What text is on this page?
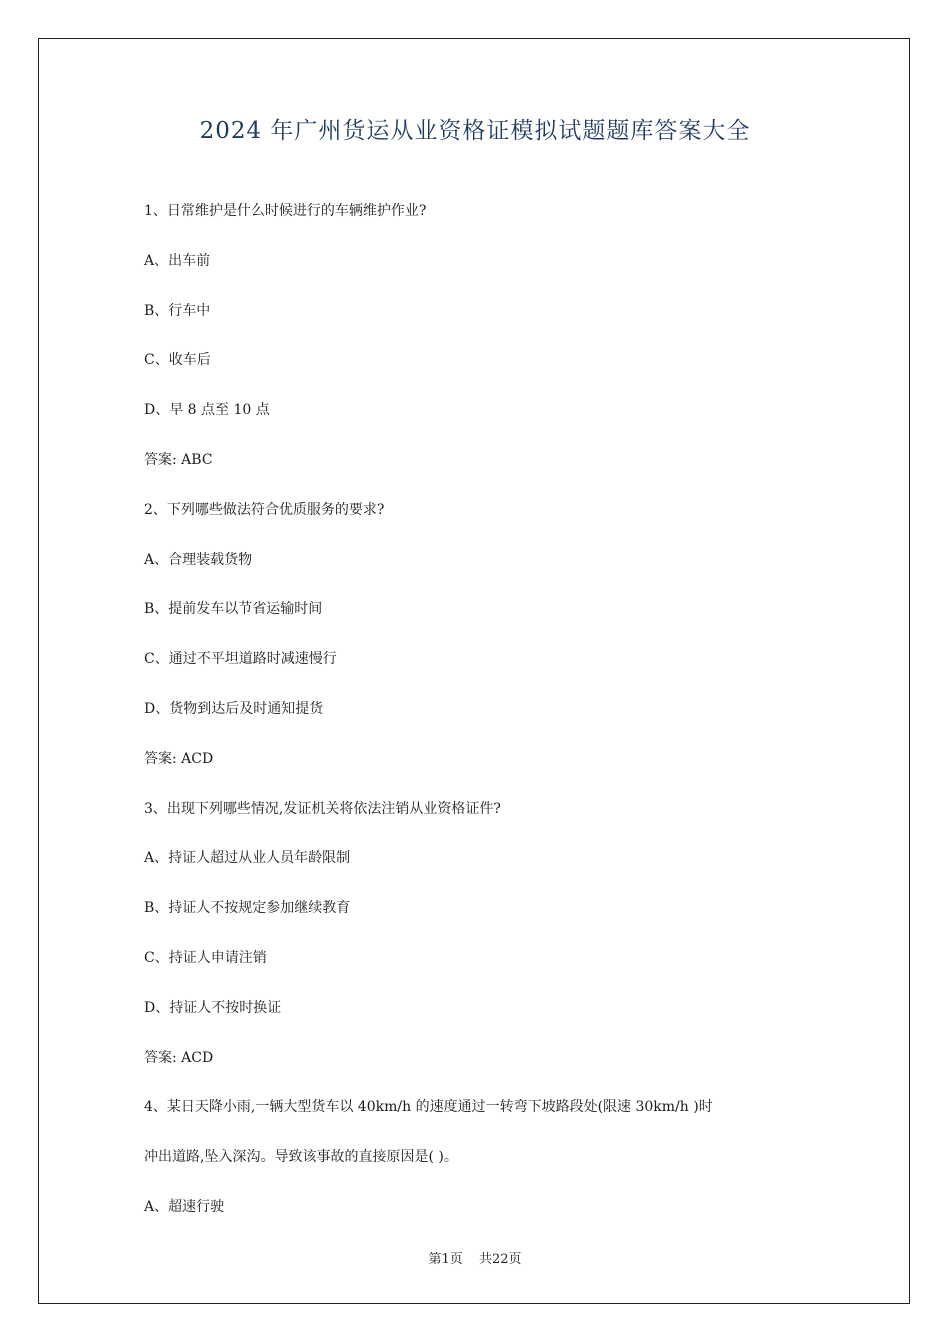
2024 年广州货运从业资格证模拟试题题库答案大全
1、日常维护是什么时候进行的车辆维护作业?
A、出车前
B、行车中
C、收车后
D、早 8 点至 10 点
答案: ABC
2、下列哪些做法符合优质服务的要求?
A、合理装载货物
B、提前发车以节省运输时间
C、通过不平坦道路时减速慢行
D、货物到达后及时通知提货
答案: ACD
3、出现下列哪些情况,发证机关将依法注销从业资格证件?
A、持证人超过从业人员年龄限制
B、持证人不按规定参加继续教育
C、持证人申请注销
D、持证人不按时换证
答案: ACD
4、某日天降小雨,一辆大型货车以 40km/h 的速度通过一转弯下坡路段处(限速 30km/h )时
冲出道路,坠入深沟。导致该事故的直接原因是( )。
A、超速行驶
第1页 共22页
